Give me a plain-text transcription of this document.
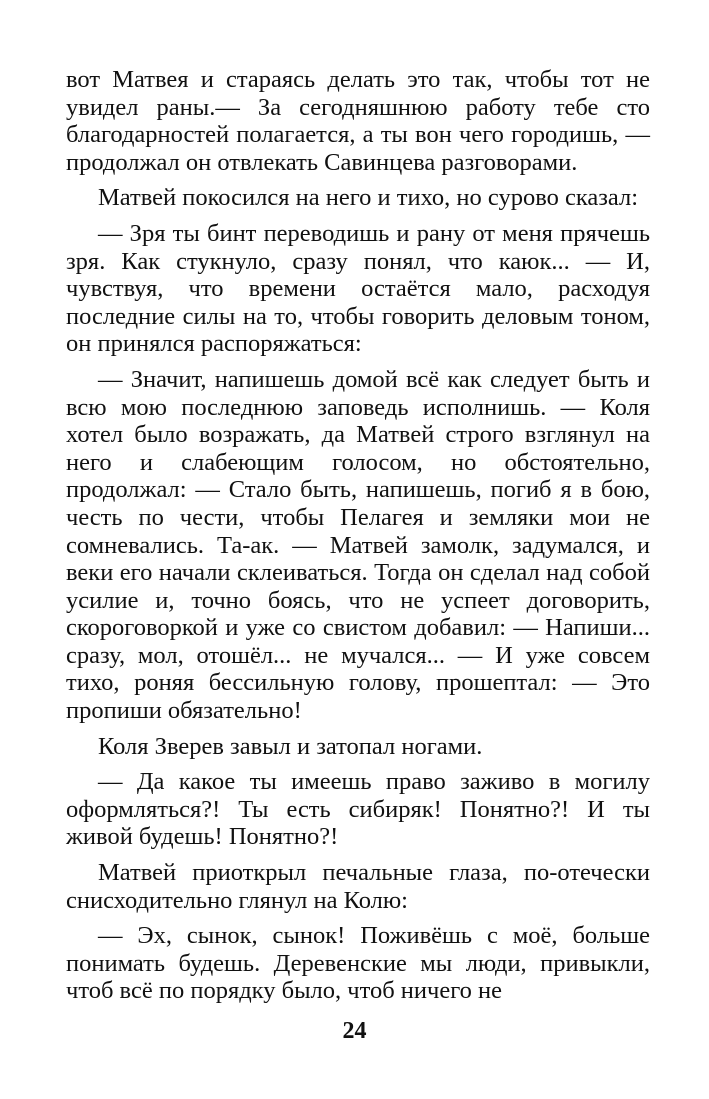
вот Матвея и стараясь делать это так, чтобы тот не увидел раны.— За сегодняшнюю работу тебе сто благодарностей полагается, а ты вон чего городишь, — продолжал он отвлекать Савинцева разговорами.

Матвей покосился на него и тихо, но сурово сказал:

— Зря ты бинт переводишь и рану от меня прячешь зря. Как стукнуло, сразу понял, что каюк... — И, чувствуя, что времени остаётся мало, расходуя последние силы на то, чтобы говорить деловым тоном, он принялся распоряжаться:

— Значит, напишешь домой всё как следует быть и всю мою последнюю заповедь исполнишь. — Коля хотел было возражать, да Матвей строго взглянул на него и слабеющим голосом, но обстоятельно, продолжал: — Стало быть, напишешь, погиб я в бою, честь по чести, чтобы Пелагея и земляки мои не сомневались. Та-ак. — Матвей замолк, задумался, и веки его начали склеиваться. Тогда он сделал над собой усилие и, точно боясь, что не успеет договорить, скороговоркой и уже со свистом добавил: — Напиши... сразу, мол, отошёл... не мучался... — И уже совсем тихо, роняя бессильную голову, прошептал: — Это пропиши обязательно!

Коля Зверев завыл и затопал ногами.

— Да какое ты имеешь право заживо в могилу оформляться?! Ты есть сибиряк! Понятно?! И ты живой будешь! Понятно?!

Матвей приоткрыл печальные глаза, по-отечески снисходительно глянул на Колю:

— Эх, сынок, сынок! Поживёшь с моё, больше понимать будешь. Деревенские мы люди, привыкли, чтоб всё по порядку было, чтоб ничего не

24
